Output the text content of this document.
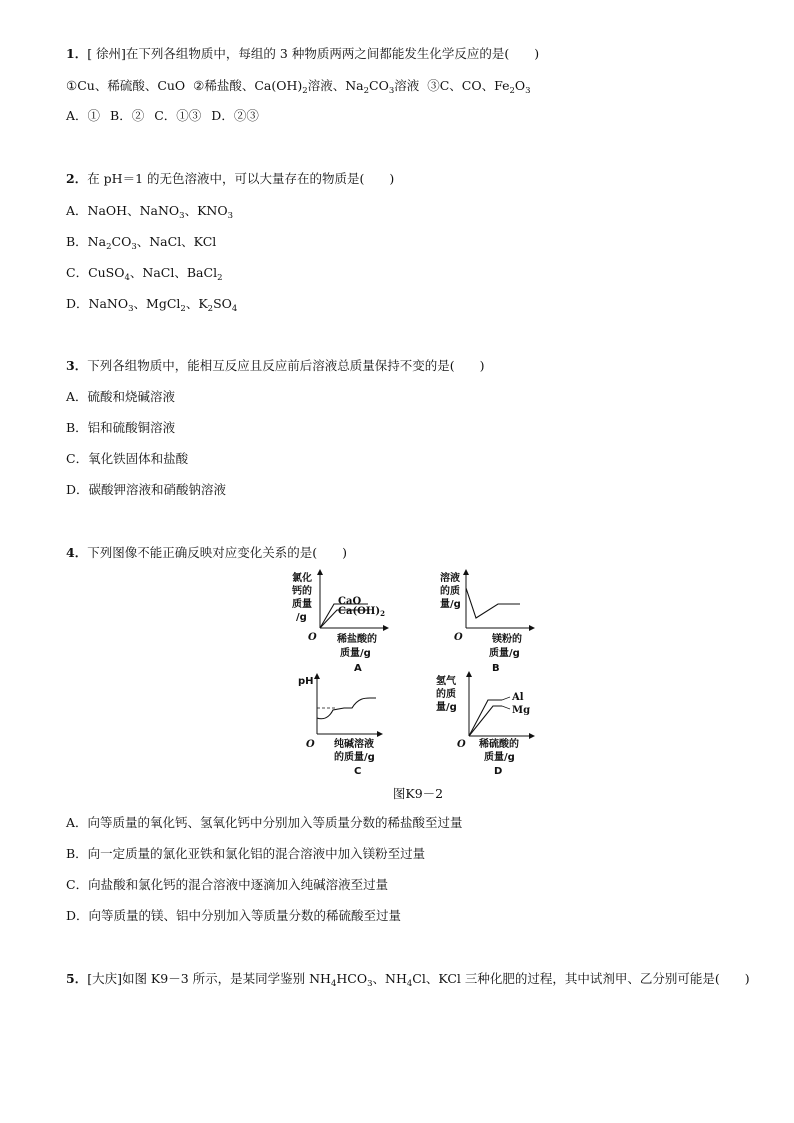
1．[ 徐州]在下列各组物质中，每组的 3 种物质两两之间都能发生化学反应的是(　　)
①Cu、稀硫酸、CuO ②稀盐酸、$Ca(OH)_2$溶液、$Na_2CO_3$溶液 ③C、CO、$Fe_2O_3$
A．① B．② C．①③ D．②③
2．在 pH＝1 的无色溶液中，可以大量存在的物质是(　　)
A．NaOH、NaNO$_3$、$KNO_3$
B．$Na_2CO_3$、NaCl、KCl
C．CuSO$_4$、NaCl、BaCl$_2$
D．NaNO$_3$、MgCl$_2$、$K_2SO_4$
3．下列各组物质中，能相互反应且反应前后溶液总质量保持不变的是(　　)
A．硫酸和烧碱溶液
B．铝和硫酸铜溶液
C．氧化铁固体和盐酸
D．碳酸钾溶液和硝酸钠溶液
4．下列图像不能正确反映对应变化关系的是(　　)
氯化
钙的
质量
/g
CaO
$Ca(OH)_2$
O 稀盐酸的
质量/g
A
溶液
的质
量/g
O	镁粉的
质量/g
B
pH
O 纯碱溶液
的质量/g
C
氢气
的质
量/g
Al
Mg
O 稀硫酸的
质量/g
D
图K9－2
A．向等质量的氧化钙、氢氧化钙中分别加入等质量分数的稀盐酸至过量
B．向一定质量的氯化亚铁和氯化铝的混合溶液中加入镁粉至过量
C．向盐酸和氯化钙的混合溶液中逐滴加入纯碱溶液至过量
D．向等质量的镁、铝中分别加入等质量分数的稀硫酸至过量
5．[大庆]如图 K9－3 所示，是某同学鉴别 $NH_4HCO_3$、$NH_4Cl$、KCl 三种化肥的过程，其中试剂甲、乙分别可能是(　　)
